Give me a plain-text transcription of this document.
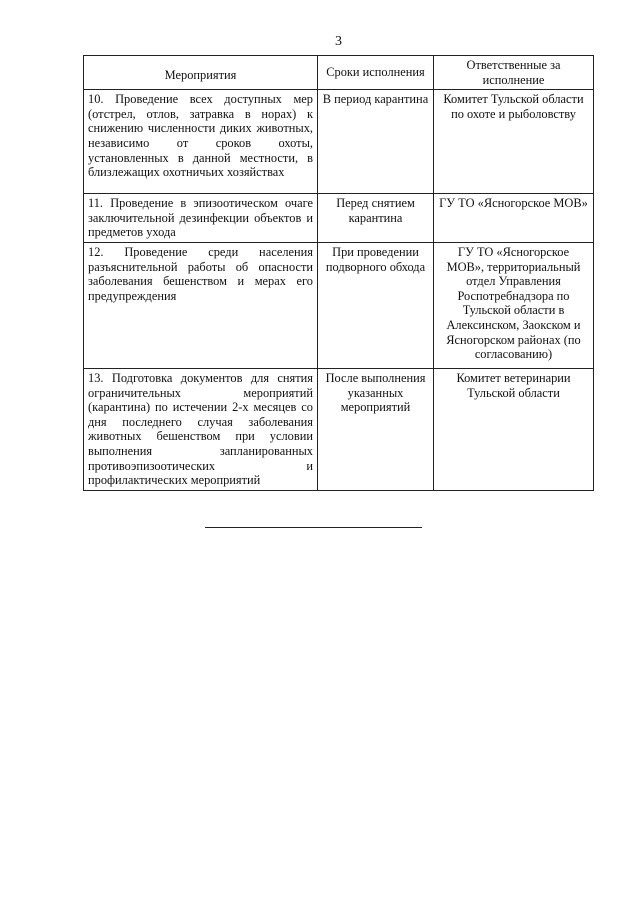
3
Мероприятия	Сроки исполнения	Ответственные за исполнение
10. Проведение всех доступных мер (отстрел, отлов, затравка в норах) к снижению численности диких животных, независимо от сроков охоты, установленных в данной местности, в близлежащих охотничьих хозяйствах	В период карантина	Комитет Тульской области по охоте и рыболовству
11. Проведение в эпизоотическом очаге заключительной дезинфекции объектов и предметов ухода	Перед снятием карантина	ГУ ТО «Ясногорское МОВ»
12. Проведение среди населения разъяснительной работы об опасности заболевания бешенством и мерах его предупреждения	При проведении подворного обхода	ГУ ТО «Ясногорское МОВ», территориальный отдел Управления Роспотребнадзора по Тульской области в Алексинском, Заокском и Ясногорском районах (по согласованию)
13. Подготовка документов для снятия ограничительных мероприятий (карантина) по истечении 2-х месяцев со дня последнего случая заболевания животных бешенством при условии выполнения запланированных противоэпизоотических и профилактических мероприятий	После выполнения указанных мероприятий	Комитет ветеринарии Тульской области
